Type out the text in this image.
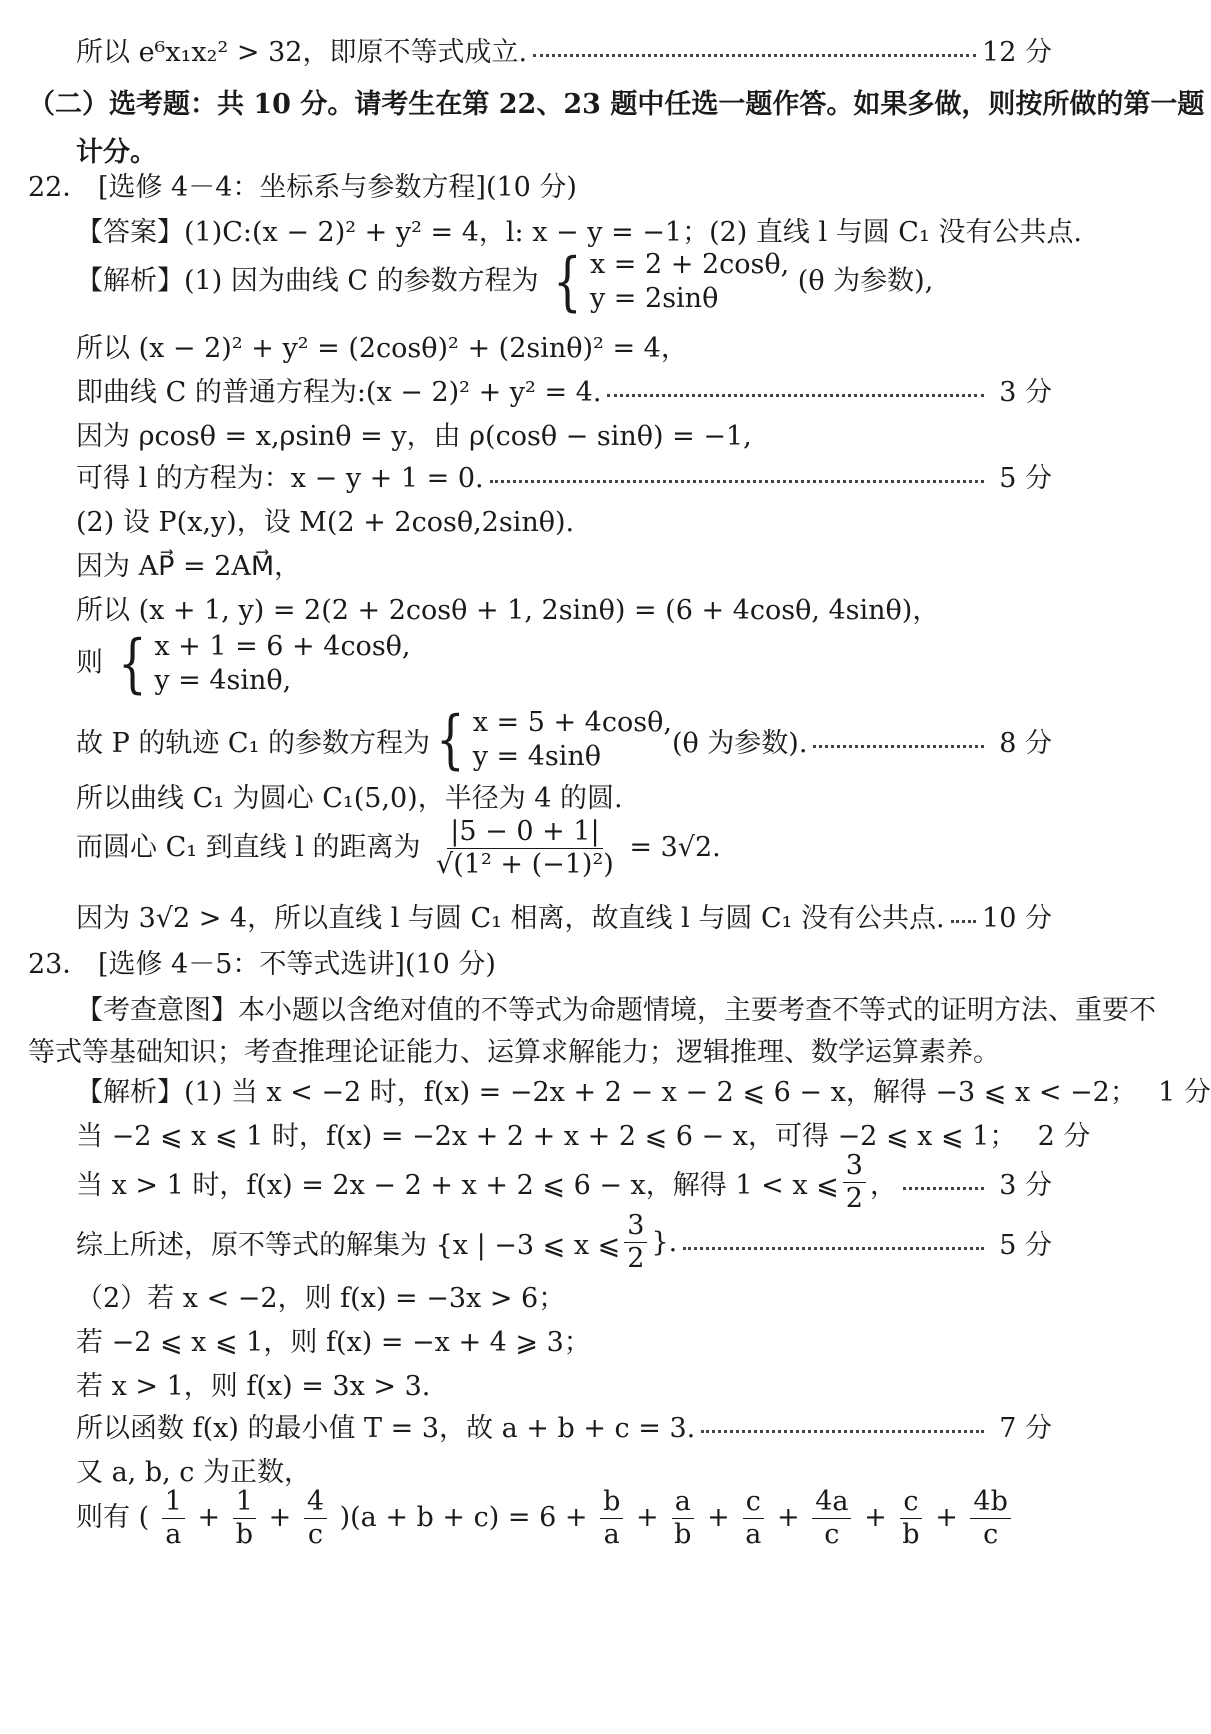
所以 e⁶x₁x₂² > 32，即原不等式成立.	12 分
（二）选考题：共 10 分。请考生在第 22、23 题中任选一题作答。如果多做，则按所做的第一题
计分。
22． [选修 4－4：坐标系与参数方程](10 分)
【答案】(1)C:(x − 2)² + y² = 4，l: x − y = −1；(2) 直线 l 与圆 C₁ 没有公共点.
【解析】(1) 因为曲线 C 的参数方程为 { x = 2 + 2cosθ,
y = 2sinθ
(θ 为参数),
所以 (x − 2)² + y² = (2cosθ)² + (2sinθ)² = 4，
即曲线 C 的普通方程为:(x − 2)² + y² = 4.	3 分
因为 ρcosθ = x,ρsinθ = y，由 ρ(cosθ − sinθ) = −1,
可得 l 的方程为：x − y + 1 = 0.	5 分
(2) 设 P(x,y)，设 M(2 + 2cosθ,2sinθ).
因为 AP⃗ = 2AM⃗，
所以 (x + 1, y) = 2(2 + 2cosθ + 1, 2sinθ) = (6 + 4cosθ, 4sinθ)，
则 { x + 1 = 6 + 4cosθ,
y = 4sinθ,
故 P 的轨迹 C₁ 的参数方程为 { x = 5 + 4cosθ,
y = 4sinθ	(θ 为参数).	8 分
所以曲线 C₁ 为圆心 C₁(5,0)，半径为 4 的圆.
而圆心 C₁ 到直线 l 的距离为 $\frac{|5 - 0 + 1|}{\text{√(1² + (−1)²)}} = 3√2$.
因为 3√2 > 4，所以直线 l 与圆 C₁ 相离，故直线 l 与圆 C₁ 没有公共点. 10 分
23． [选修 4－5：不等式选讲](10 分)
【考查意图】本小题以含绝对值的不等式为命题情境，主要考查不等式的证明方法、重要不
等式等基础知识；考查推理论证能力、运算求解能力；逻辑推理、数学运算素养。
【解析】(1) 当 x < −2 时，f(x) = −2x + 2 − x − 2 ⩽ 6 − x，解得 −3 ⩽ x < −2； 1 分
当 −2 ⩽ x ⩽ 1 时，f(x) = −2x + 2 + x + 2 ⩽ 6 − x，可得 −2 ⩽ x ⩽ 1； 2 分
当 x > 1 时，f(x) = 2x − 2 + x + 2 ⩽ 6 − x，解得 1 < x ⩽ $\frac{3}{2}$ ，	3 分
综上所述，原不等式的解集为 {x | −3 ⩽ x ⩽ $\frac{3}{2}$ }.	5 分
（2）若 x < −2，则 f(x) = −3x > 6；
若 −2 ⩽ x ⩽ 1，则 f(x) = −x + 4 ⩾ 3；
若 x > 1，则 f(x) = 3x > 3.
所以函数 f(x) 的最小值 T = 3，故 a + b + c = 3.	7 分
又 a, b, c 为正数，
则有 ( $\frac{1}{a} + \frac{1}{b} + \frac{4}{c} )(a + b + c) = 6 + \frac{b}{a} + \frac{a}{b} + \frac{c}{a} + \frac{4a}{c} + \frac{c}{b} + \frac{4b}{c}$
